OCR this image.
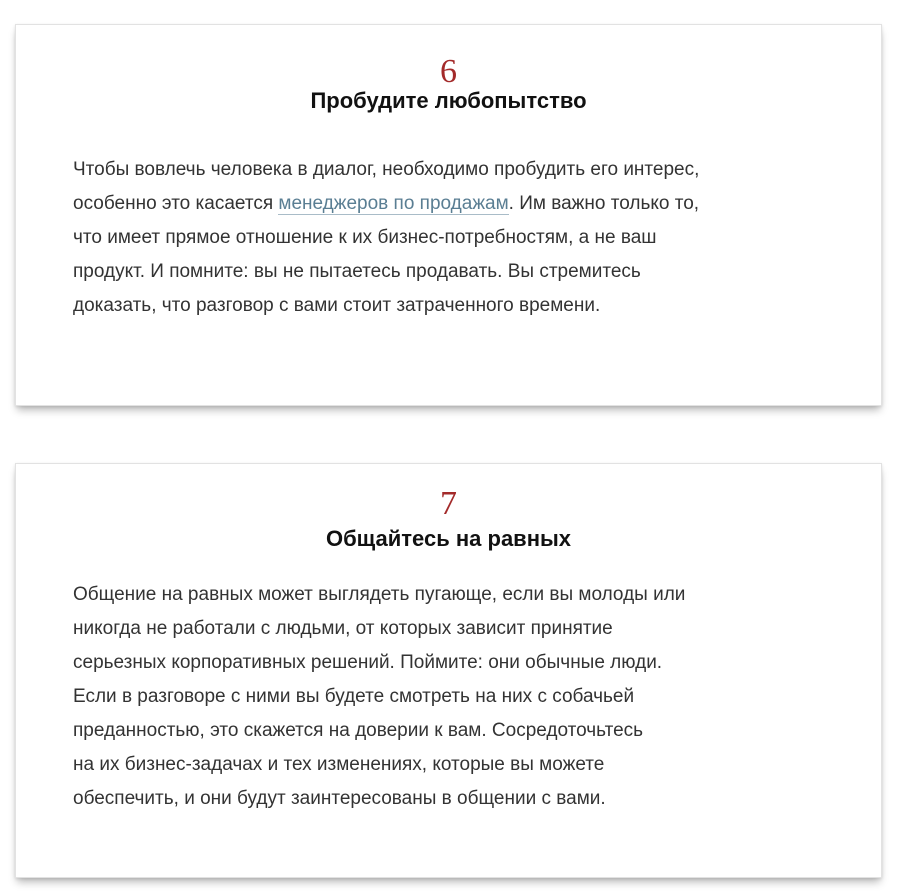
6
Пробудите любопытство
Чтобы вовлечь человека в диалог, необходимо пробудить его интерес,
особенно это касается менеджеров по продажам. Им важно только то,
что имеет прямое отношение к их бизнес-потребностям, а не ваш
продукт. И помните: вы не пытаетесь продавать. Вы стремитесь
доказать, что разговор с вами стоит затраченного времени.
7
Общайтесь на равных
Общение на равных может выглядеть пугающе, если вы молоды или
никогда не работали с людьми, от которых зависит принятие
серьезных корпоративных решений. Поймите: они обычные люди.
Если в разговоре с ними вы будете смотреть на них с собачьей
преданностью, это скажется на доверии к вам. Сосредоточьтесь
на их бизнес-задачах и тех изменениях, которые вы можете
обеспечить, и они будут заинтересованы в общении с вами.
